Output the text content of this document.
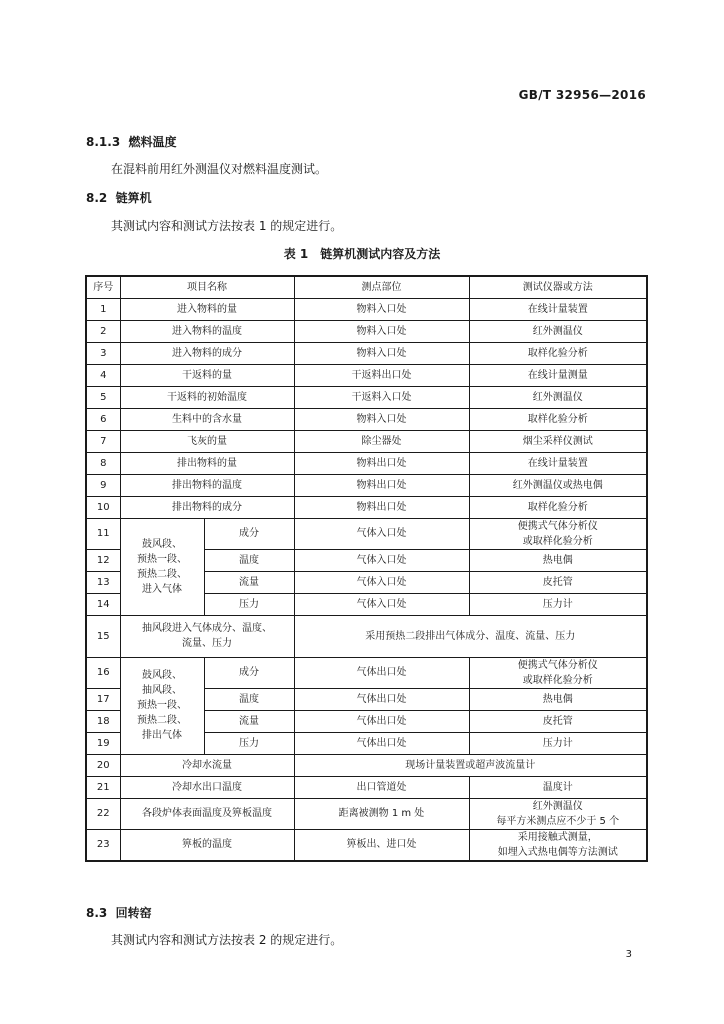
GB/T 32956—2016
8.1.3 燃料温度
在混料前用红外测温仪对燃料温度测试。
8.2 链箅机
其测试内容和测试方法按表 1 的规定进行。
表 1　链箅机测试内容及方法
序号	项目名称		测点部位	测试仪器或方法
1	进入物料的量		物料入口处	在线计量装置
2	进入物料的温度		物料入口处	红外测温仪
3	进入物料的成分		物料入口处	取样化验分析
4	干返料的量		干返料出口处	在线计量测量
5	干返料的初始温度		干返料入口处	红外测温仪
6	生料中的含水量		物料入口处	取样化验分析
7	飞灰的量		除尘器处	烟尘采样仪测试
8	排出物料的量		物料出口处	在线计量装置
9	排出物料的温度		物料出口处	红外测温仪或热电偶
10	排出物料的成分		物料出口处	取样化验分析
11	鼓风段、
预热一段、
预热二段、
进入气体	成分	气体入口处	便携式气体分析仪
或取样化验分析
12		温度	气体入口处	热电偶
13		流量	气体入口处	皮托管
14		压力	气体入口处	压力计
15	抽风段进入气体成分、温度、
流量、压力		采用预热二段排出气体成分、温度、流量、压力	
16	鼓风段、
抽风段、
预热一段、
预热二段、
排出气体	成分	气体出口处	便携式气体分析仪
或取样化验分析
17		温度	气体出口处	热电偶
18		流量	气体出口处	皮托管
19		压力	气体出口处	压力计
20	冷却水流量		现场计量装置或超声波流量计	
21	冷却水出口温度		出口管道处	温度计
22	各段炉体表面温度及箅板温度		距离被测物 1 m 处	红外测温仪
每平方米测点应不少于 5 个
23	箅板的温度		箅板出、进口处	采用接触式测量，
如埋入式热电偶等方法测试
8.3 回转窑
其测试内容和测试方法按表 2 的规定进行。
3
